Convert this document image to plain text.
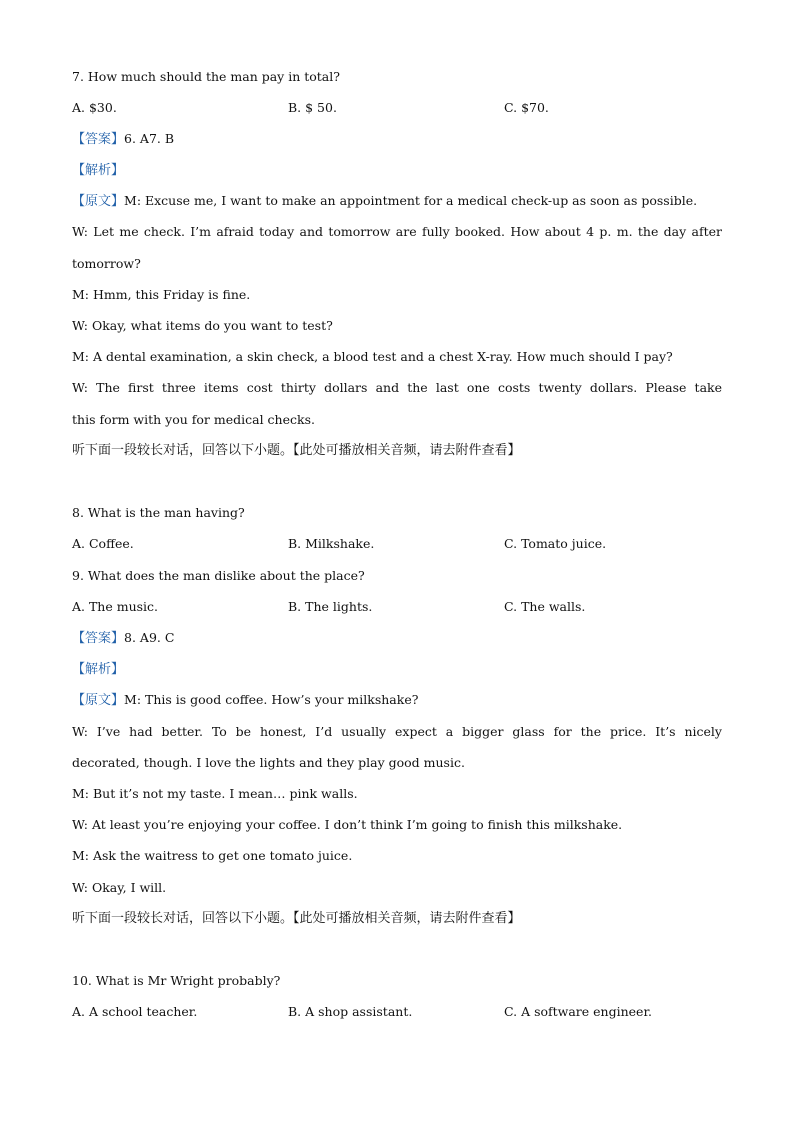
7. How much should the man pay in total?
A. $30.	B. $ 50.	C. $70.
【答案】6. A7. B
【解析】
【原文】M: Excuse me, I want to make an appointment for a medical check-up as soon as possible.
W: Let me check. I’m afraid today and tomorrow are fully booked. How about 4 p. m. the day after
tomorrow?
M: Hmm, this Friday is fine.
W: Okay, what items do you want to test?
M: A dental examination, a skin check, a blood test and a chest X-ray. How much should I pay?
W: The first three items cost thirty dollars and the last one costs twenty dollars. Please take
this form with you for medical checks.
听下面一段较长对话，回答以下小题。【此处可播放相关音频，请去附件查看】
8. What is the man having?
A. Coffee.	B. Milkshake.	C. Tomato juice.
9. What does the man dislike about the place?
A. The music.	B. The lights.	C. The walls.
【答案】8. A9. C
【解析】
【原文】M: This is good coffee. How’s your milkshake?
W: I’ve had better. To be honest, I’d usually expect a bigger glass for the price. It’s nicely
decorated, though. I love the lights and they play good music.
M: But it’s not my taste. I mean… pink walls.
W: At least you’re enjoying your coffee. I don’t think I’m going to finish this milkshake.
M: Ask the waitress to get one tomato juice.
W: Okay, I will.
听下面一段较长对话，回答以下小题。【此处可播放相关音频，请去附件查看】
10. What is Mr Wright probably?
A. A school teacher.	B. A shop assistant.	C. A software engineer.
